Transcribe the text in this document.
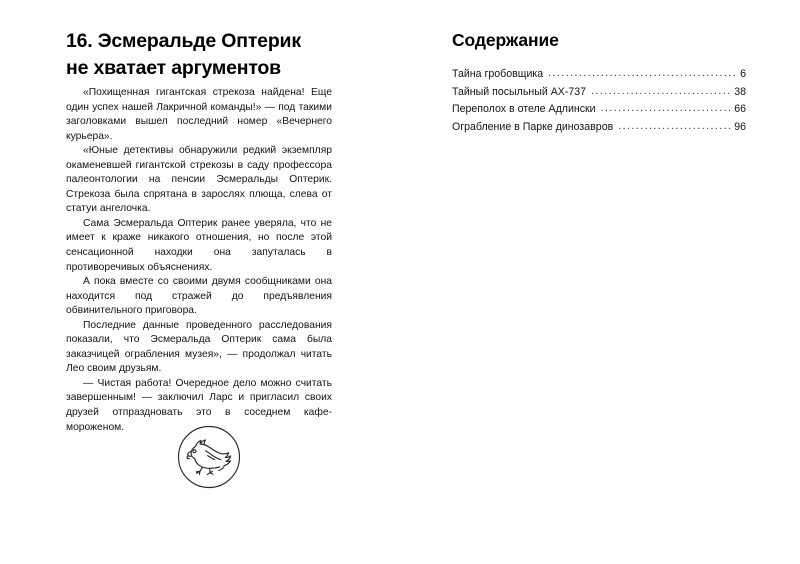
16. Эсмеральде Оптерик
не хватает аргументов

«Похищенная гигантская стрекоза найдена! Еще один успех нашей Лакричной команды!» — под такими заголовками вышел последний номер «Вечернего курьера».

«Юные детективы обнаружили редкий экземпляр окаменевшей гигантской стрекозы в саду профессора палеонтологии на пенсии Эсмеральды Оптерик. Стрекоза была спрятана в зарослях плюща, слева от статуи ангелочка.

Сама Эсмеральда Оптерик ранее уверяла, что не имеет к краже никакого отношения, но после этой сенсационной находки она запуталась в противоречивых объяснениях.

А пока вместе со своими двумя сообщниками она находится под стражей до предъявления обвинительного приговора.

Последние данные проведенного расследования показали, что Эсмеральда Оптерик сама была заказчицей ограбления музея», — продолжал читать Лео своим друзьям.

— Чистая работа! Очередное дело можно считать завершенным! — заключил Ларс и пригласил своих друзей отпраздновать это в соседнем кафе-мороженом.

Содержание
Тайна гробовщика .....	6
Тайный посыльный АХ-737 .....	38
Переполох в отеле Адлински .....	66
Ограбление в Парке динозавров .....	96
